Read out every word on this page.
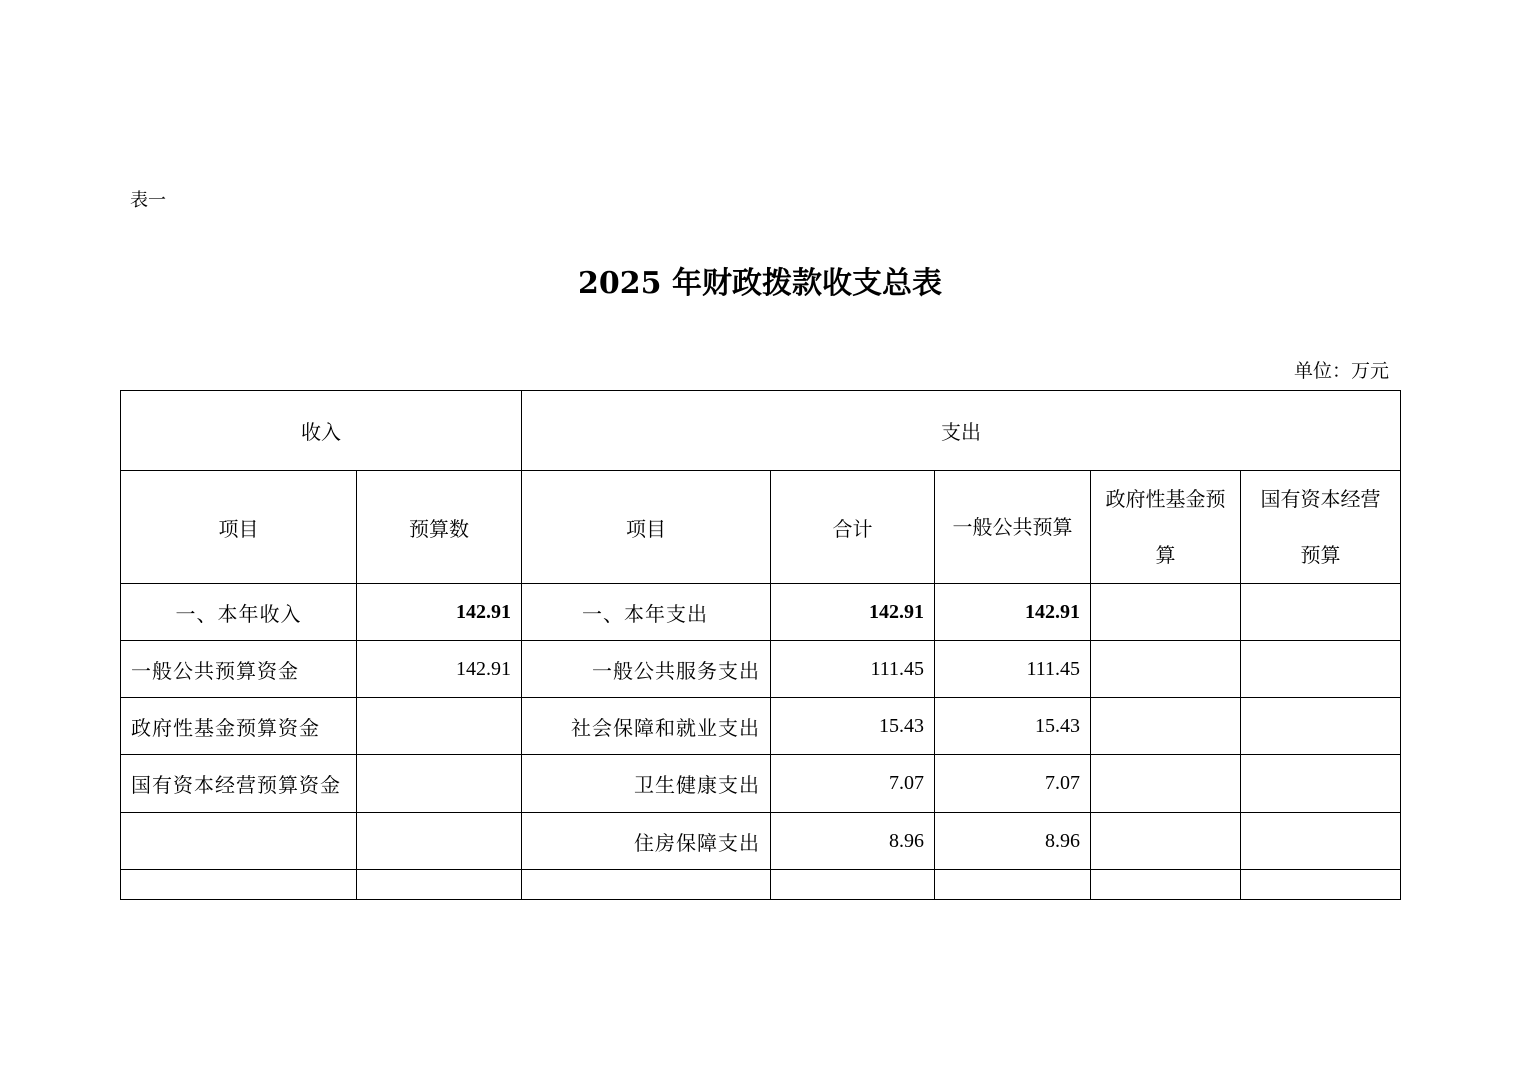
表一
2025 年财政拨款收支总表
单位：万元
收入		支出				
项目	预算数	项目	合计	一般公共预算	政府性基金预算	国有资本经营预算
一、本年收入	142.91	一、本年支出	142.91	142.91		
一般公共预算资金	142.91	一般公共服务支出	111.45	111.45		
政府性基金预算资金		社会保障和就业支出	15.43	15.43		
国有资本经营预算资金		卫生健康支出	7.07	7.07		
		住房保障支出	8.96	8.96		
